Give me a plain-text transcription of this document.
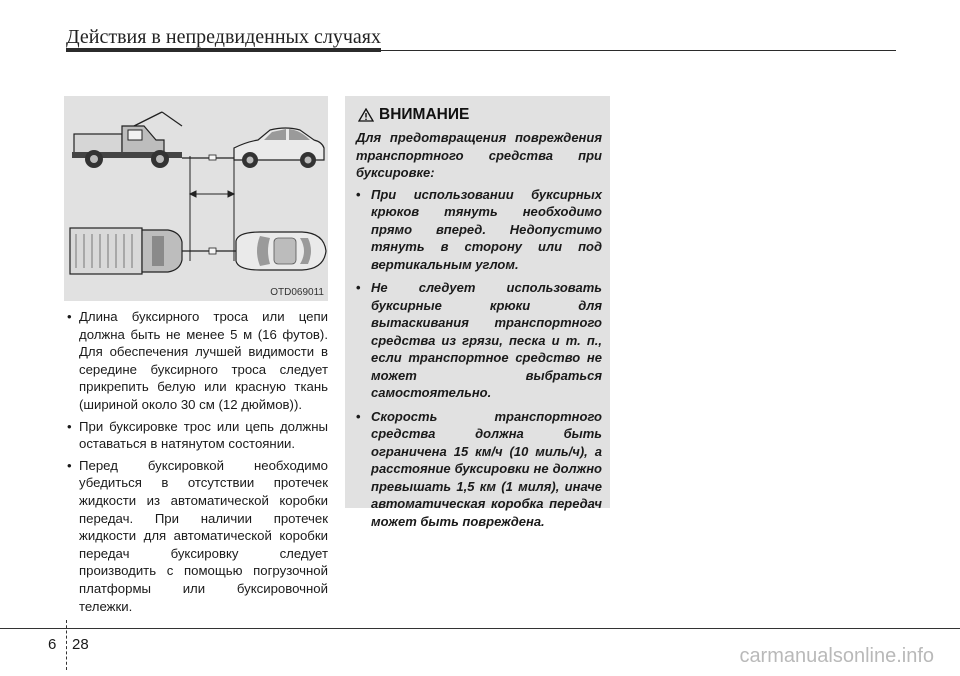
Действия в непредвиденных случаях
OTD069011
• Длина буксирного троса или цепи должна быть не менее 5 м (16 футов). Для обеспечения лучшей видимости в середине буксирного троса следует прикрепить белую или красную ткань (шириной около 30 см (12 дюймов)).
• При буксировке трос или цепь должны оставаться в натянутом состоянии.
• Перед буксировкой необходимо убедиться в отсутствии протечек жидкости из автоматической коробки передач. При наличии протечек жидкости для автоматической коробки передач буксировку следует производить с помощью погрузочной платформы или буксировочной тележки.
ВНИМАНИЕ

Для предотвращения повреждения транспортного средства при буксировке:

• При использовании буксирных крюков тянуть необходимо прямо вперед. Недопустимо тянуть в сторону или под вертикальным углом.
• Не следует использовать буксирные крюки для вытаскивания транспортного средства из грязи, песка и т. п., если транспортное средство не может выбраться самостоятельно.
• Скорость транспортного средства должна быть ограничена 15 км/ч (10 миль/ч), а расстояние буксировки не должно превышать 1,5 км (1 миля), иначе автоматическая коробка передач может быть повреждена.
6 28
carmanualsonline.info
